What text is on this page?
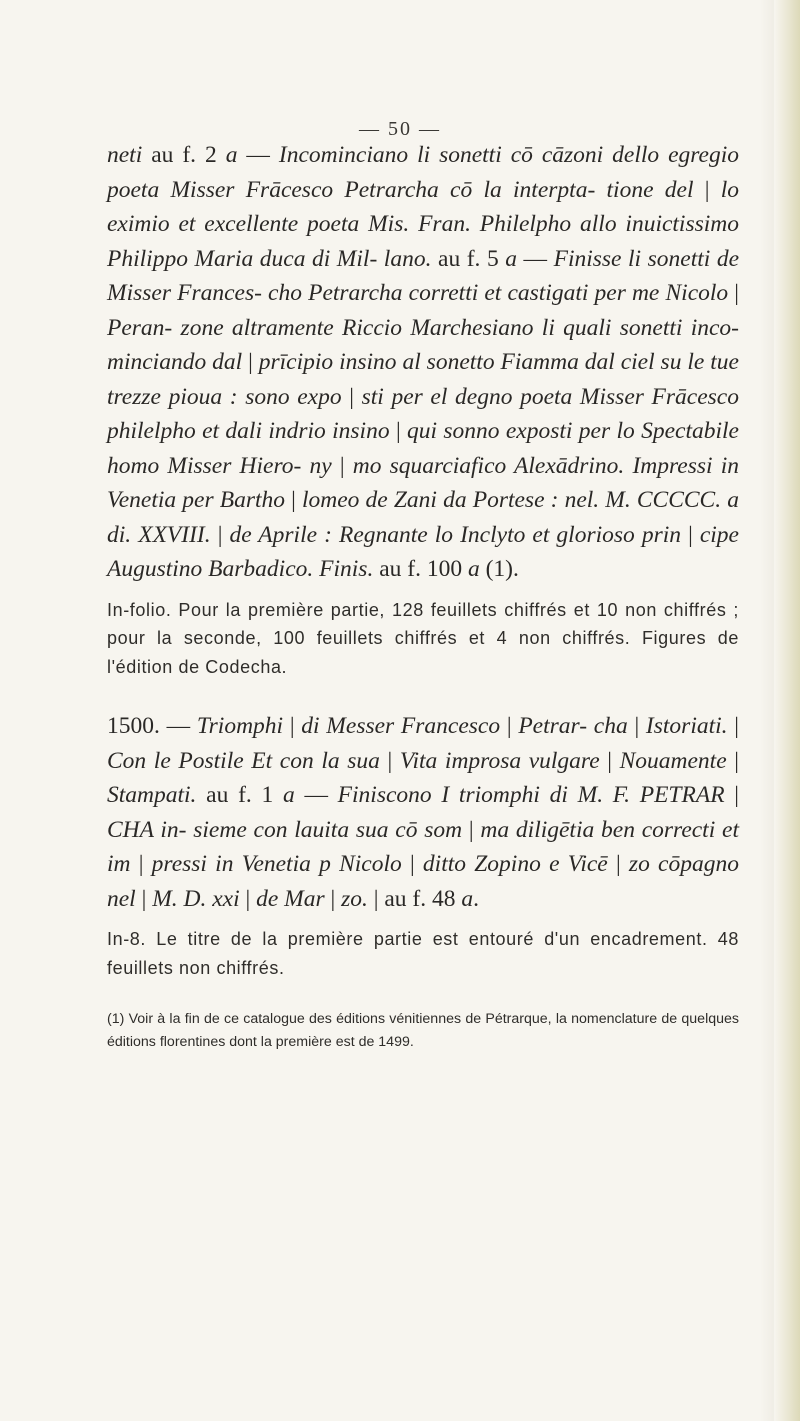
— 50 —

neti au f. 2 a — Incominciano li sonetti cō cāzoni dello egregio poeta Misser Frācesco Petrarcha cō la interpta- tione del | lo eximio et excellente poeta Mis. Fran. Philelpho allo inuictissimo Philippo Maria duca di Mil- lano. au f. 5 a — Finisse li sonetti de Misser Frances- cho Petrarcha corretti et castigati per me Nicolo | Peran- zone altramente Riccio Marchesiano li quali sonetti inco- minciando dal | prīcipio insino al sonetto Fiamma dal ciel su le tue trezze pioua : sono expo | sti per el degno poeta Misser Frācesco philelpho et dali indrio insino | qui sonno exposti per lo Spectabile homo Misser Hiero- ny | mo squarciafico Alexādrino. Impressi in Venetia per Bartho | lomeo de Zani da Portese : nel. M. CCCCC. a di. XXVIII. | de Aprile : Regnante lo Inclyto et glorioso prin | cipe Augustino Barbadico. Finis. au f. 100 a (1).

In-folio. Pour la première partie, 128 feuillets chiffrés et 10 non chiffrés ; pour la seconde, 100 feuillets chiffrés et 4 non chiffrés. Figures de l'édition de Codecha.

1500. — Triomphi | di Messer Francesco | Petrar- cha | Istoriati. | Con le Postile Et con la sua | Vita improsa vulgare | Nouamente | Stampati. au f. 1 a — Finiscono I triomphi di M. F. PETRAR | CHA in- sieme con lauita sua cō som | ma diligētia ben correcti et im | pressi in Venetia p Nicolo | ditto Zopino e Vicē | zo cōpagno nel | M. D. xxi | de Mar | zo. | au f. 48 a.

In-8. Le titre de la première partie est entouré d'un encadrement. 48 feuillets non chiffrés.

(1) Voir à la fin de ce catalogue des éditions vénitiennes de Pétrarque, la nomenclature de quelques éditions florentines dont la première est de 1499.
